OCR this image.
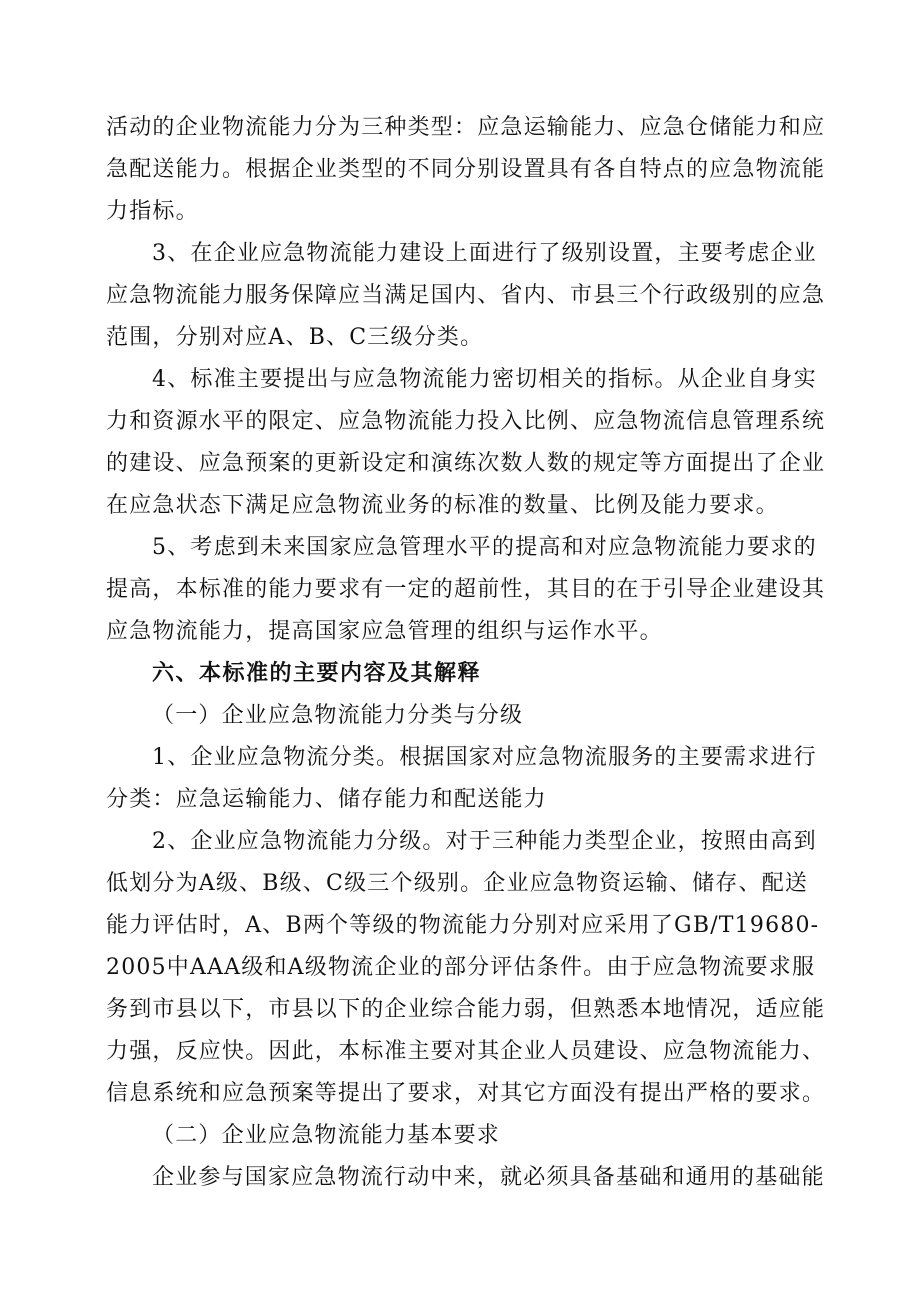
活动的企业物流能力分为三种类型：应急运输能力、应急仓储能力和应
急配送能力。根据企业类型的不同分别设置具有各自特点的应急物流能
力指标。
3、在企业应急物流能力建设上面进行了级别设置，主要考虑企业
应急物流能力服务保障应当满足国内、省内、市县三个行政级别的应急
范围，分别对应A、B、C三级分类。
4、标准主要提出与应急物流能力密切相关的指标。从企业自身实
力和资源水平的限定、应急物流能力投入比例、应急物流信息管理系统
的建设、应急预案的更新设定和演练次数人数的规定等方面提出了企业
在应急状态下满足应急物流业务的标准的数量、比例及能力要求。
5、考虑到未来国家应急管理水平的提高和对应急物流能力要求的
提高，本标准的能力要求有一定的超前性，其目的在于引导企业建设其
应急物流能力，提高国家应急管理的组织与运作水平。
六、本标准的主要内容及其解释
（一）企业应急物流能力分类与分级
1、企业应急物流分类。根据国家对应急物流服务的主要需求进行
分类：应急运输能力、储存能力和配送能力
2、企业应急物流能力分级。对于三种能力类型企业，按照由高到
低划分为A级、B级、C级三个级别。企业应急物资运输、储存、配送
能力评估时，A、B两个等级的物流能力分别对应采用了GB/T19680-
2005中AAA级和A级物流企业的部分评估条件。由于应急物流要求服
务到市县以下，市县以下的企业综合能力弱，但熟悉本地情况，适应能
力强，反应快。因此，本标准主要对其企业人员建设、应急物流能力、
信息系统和应急预案等提出了要求，对其它方面没有提出严格的要求。
（二）企业应急物流能力基本要求
企业参与国家应急物流行动中来，就必须具备基础和通用的基础能
